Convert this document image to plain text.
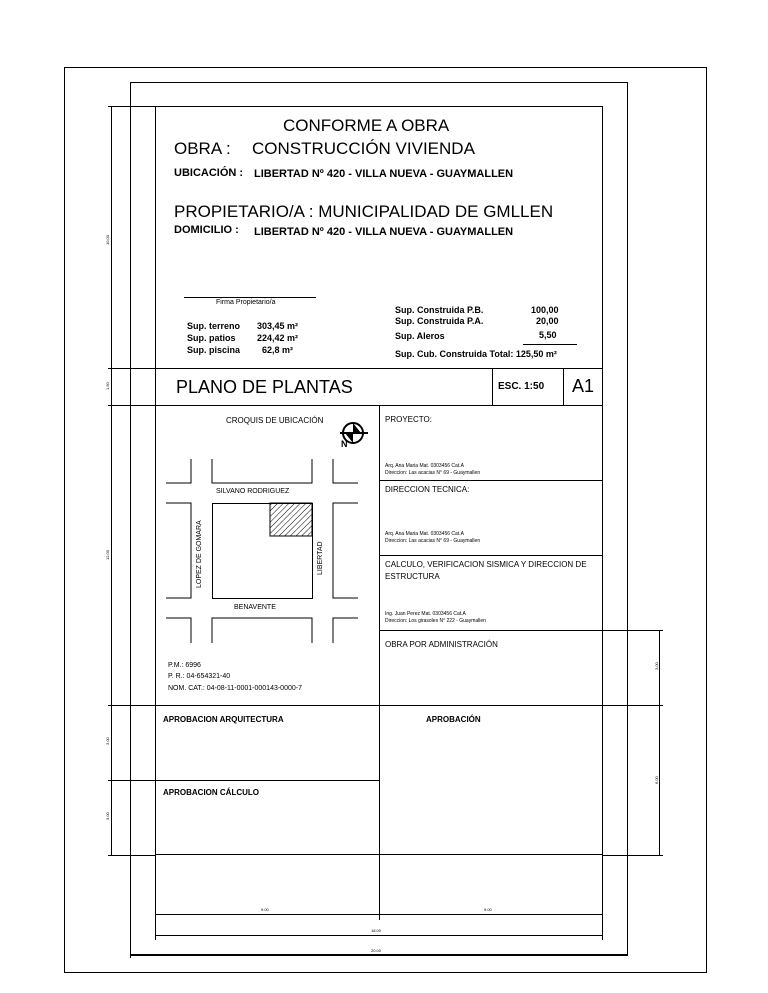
CONFORME A OBRA
OBRA : CONSTRUCCIÓN VIVIENDA
UBICACIÓN : LIBERTAD Nº 420 - VILLA NUEVA - GUAYMALLEN
PROPIETARIO/A : MUNICIPALIDAD DE GMLLEN
DOMICILIO : LIBERTAD Nº 420 - VILLA NUEVA - GUAYMALLEN
Firma Propietario/a
Sup. terreno 303,45 m²
Sup. patios 224,42 m²
Sup. piscina 62,8 m²
Sup. Construida P.B.	100,00
Sup. Construida P.A.	20,00
Sup. Aleros	5,50
Sup. Cub. Construida Total: 125,50 m²
PLANO DE PLANTAS	ESC. 1:50 A1
CROQUIS DE UBICACIÓN
N
SILVANO RODRIGUEZ
LOPEZ DE GOMARA	LIBERTAD
BENAVENTE
P.M.: 6996
P. R.: 04-654321-40
NOM. CAT.: 04-08-11-0001-000143-0000-7
PROYECTO:
Arq. Ana Maria Mat. 0303456 Cat.A
Direccion: Las acacias N° 69 - Guaymallen
DIRECCION TECNICA:
Arq. Ana Maria Mat. 0303456 Cat.A
Direccion: Las acacias N° 69 - Guaymallen
CALCULO, VERIFICACION SISMICA Y DIRECCION DE
ESTRUCTURA
Ing. Juan Perez Mat. 0303456 Cat.A
Direccion: Los girasoles N° 222 - Guaymallen
OBRA POR ADMINISTRACIÓN
APROBACION ARQUITECTURA	APROBACIÓN
APROBACION CÁLCULO
10.00
1.50
12.00
3.00
3.00
3.00
6.00
9.00	9.00
18.00
20.00
